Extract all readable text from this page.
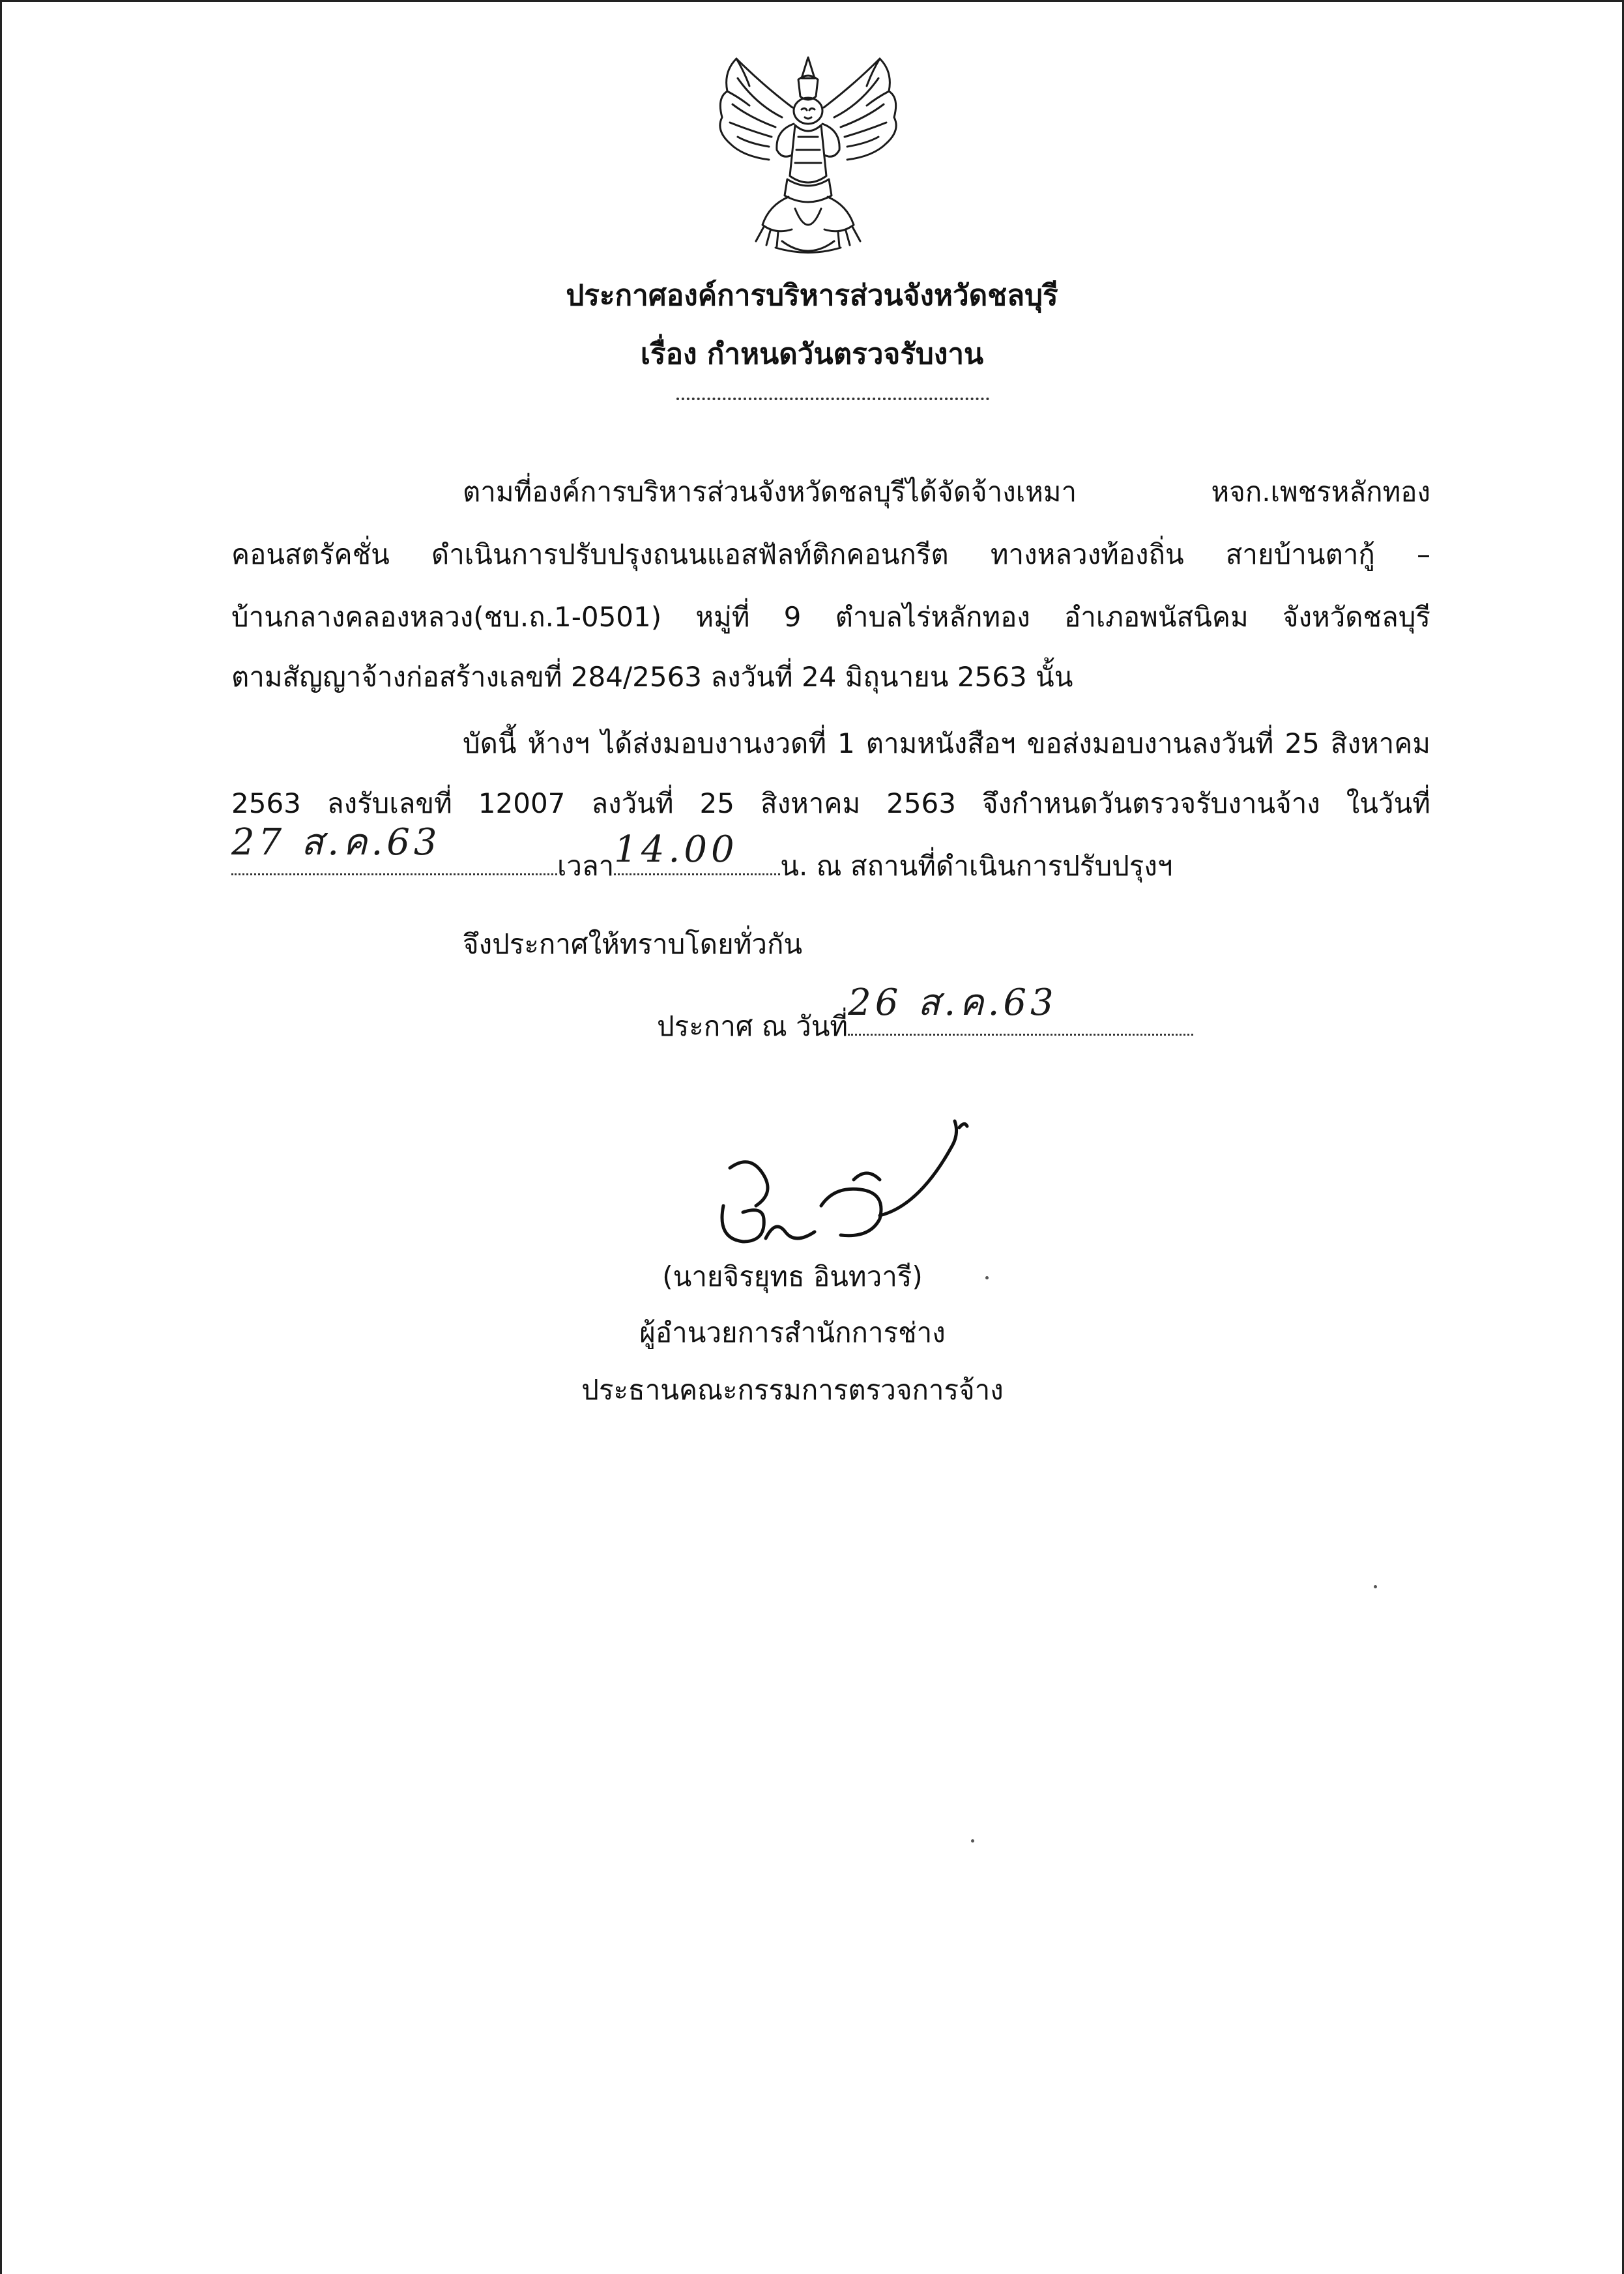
ประกาศองค์การบริหารส่วนจังหวัดชลบุรี
เรื่อง กำหนดวันตรวจรับงาน
ตามที่องค์การบริหารส่วนจังหวัดชลบุรีได้จัดจ้างเหมา หจก.เพชรหลักทอง
คอนสตรัคชั่น ดำเนินการปรับปรุงถนนแอสฟัลท์ติกคอนกรีต ทางหลวงท้องถิ่น สายบ้านตากู้ –
บ้านกลางคลองหลวง(ชบ.ถ.1-0501) หมู่ที่ 9 ตำบลไร่หลักทอง อำเภอพนัสนิคม จังหวัดชลบุรี
ตามสัญญาจ้างก่อสร้างเลขที่ 284/2563 ลงวันที่ 24 มิถุนายน 2563 นั้น
บัดนี้ ห้างฯ ได้ส่งมอบงานงวดที่ 1 ตามหนังสือฯ ขอส่งมอบงานลงวันที่ 25 สิงหาคม
2563 ลงรับเลขที่ 12007 ลงวันที่ 25 สิงหาคม 2563 จึงกำหนดวันตรวจรับงานจ้าง ในวันที่
27 ส.ค.63
เวลา 14.00 น. ณ สถานที่ดำเนินการปรับปรุงฯ
จึงประกาศให้ทราบโดยทั่วกัน
ประกาศ ณ วันที่
26 ส.ค.63
(นายจิรยุทธ อินทวารี)
ผู้อำนวยการสำนักการช่าง
ประธานคณะกรรมการตรวจการจ้าง
